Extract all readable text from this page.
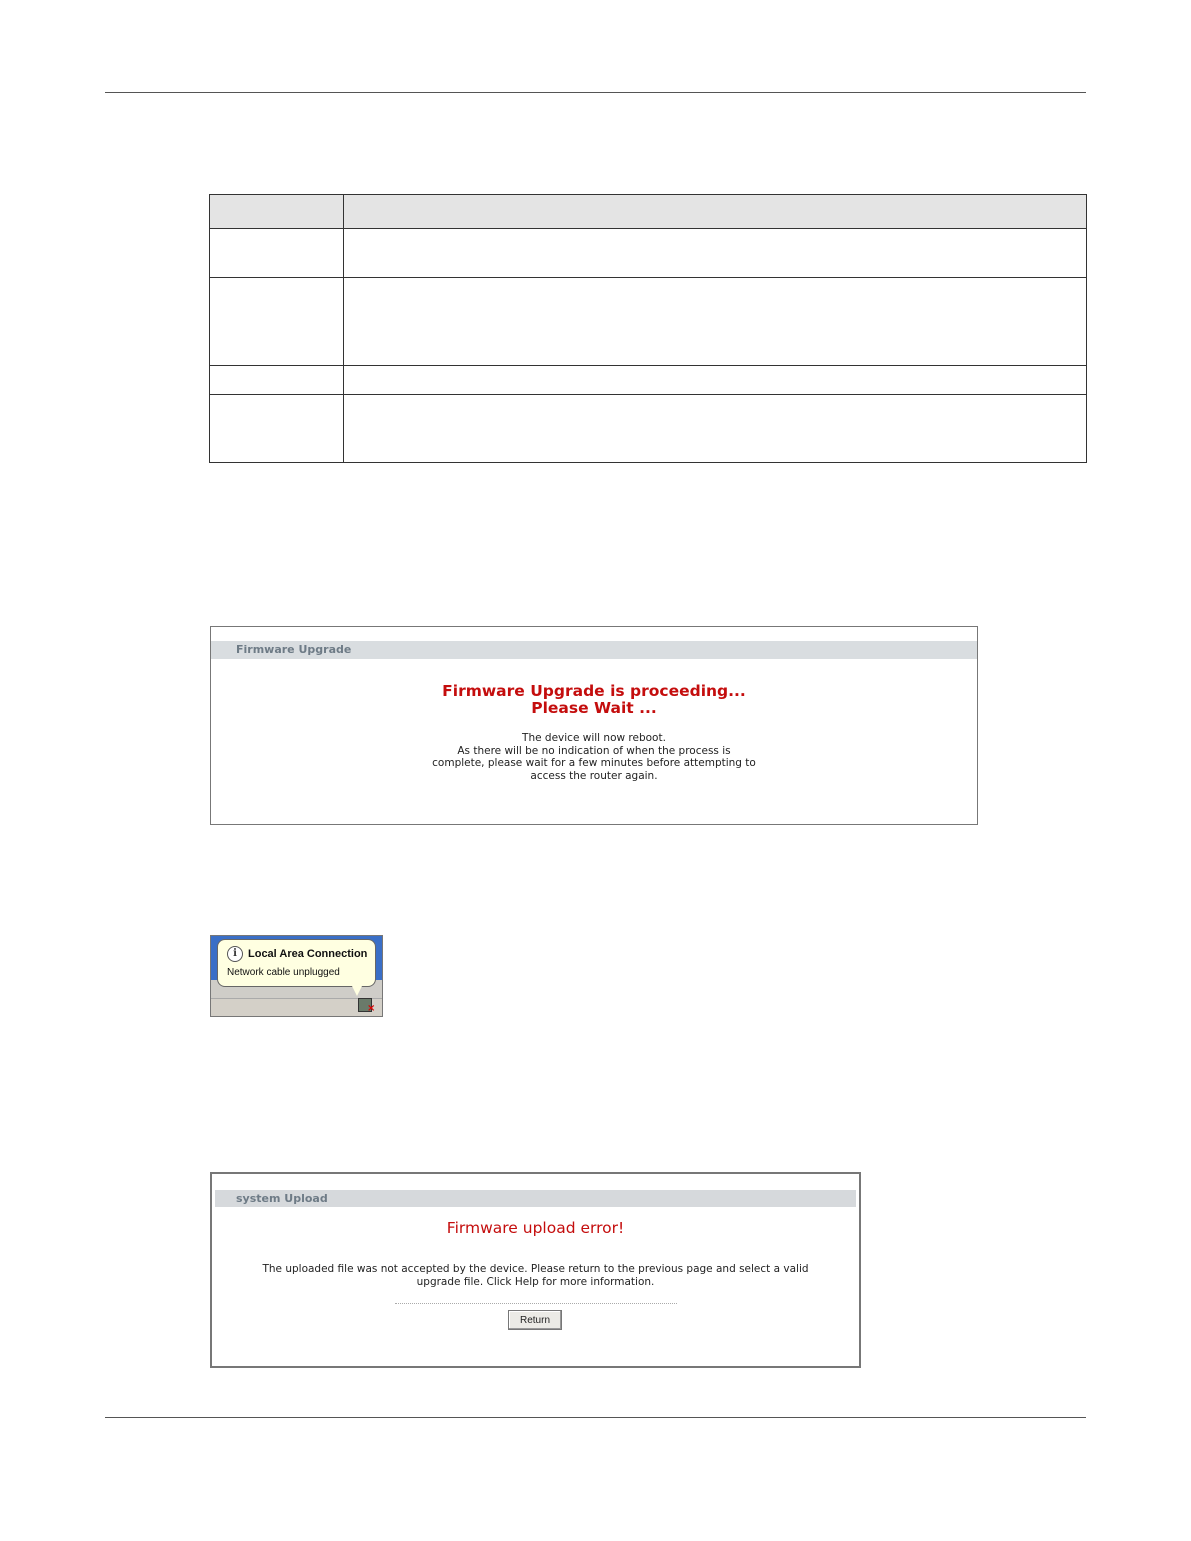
Firmware Upgrade
Firmware Upgrade is proceeding...
Please Wait ...
The device will now reboot.
As there will be no indication of when the process is
complete, please wait for a few minutes before attempting to
access the router again.
i	Local Area Connection
Network cable unplugged
×
system Upload
Firmware upload error!
The uploaded file was not accepted by the device. Please return to the previous page and select a valid
upgrade file. Click Help for more information.
Return
